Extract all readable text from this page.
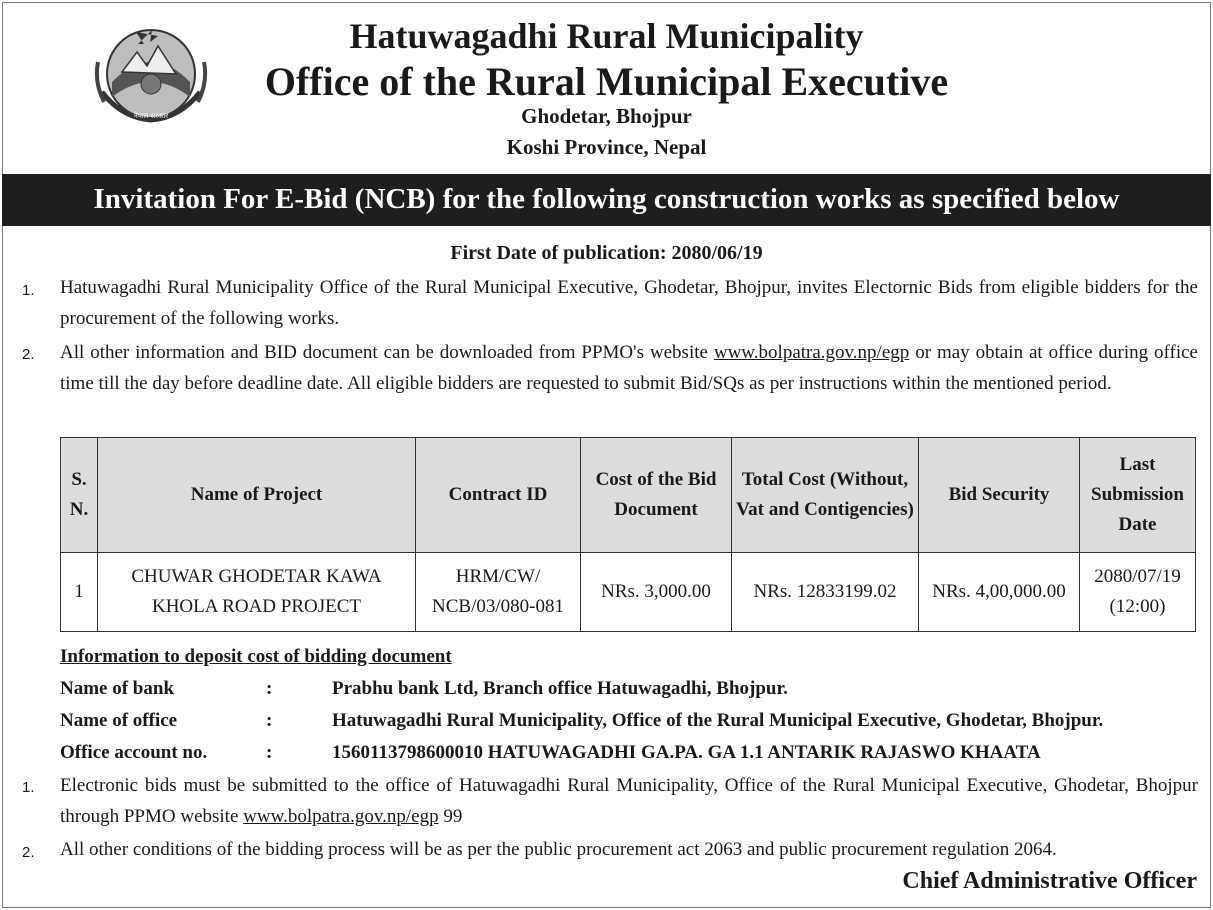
नेपाल सरकार
Hatuwagadhi Rural Municipality
Office of the Rural Municipal Executive
Ghodetar, Bhojpur
Koshi Province, Nepal
Invitation For E-Bid (NCB) for the following construction works as specified below
First Date of publication: 2080/06/19
1. Hatuwagadhi Rural Municipality Office of the Rural Municipal Executive, Ghodetar, Bhojpur, invites Electornic Bids from eligible bidders for the procurement of the following works.
2. All other information and BID document can be downloaded from PPMO's website www.bolpatra.gov.np/egp or may obtain at office during office time till the day before deadline date. All eligible bidders are requested to submit Bid/SQs as per instructions within the mentioned period.
S. N.	Name of Project	Contract ID	Cost of the Bid Document	Total Cost (Without, Vat and Contigencies)	Bid Security	Last Submission Date
1	CHUWAR GHODETAR KAWA KHOLA ROAD PROJECT	HRM/CW/ NCB/03/080-081	NRs. 3,000.00	NRs. 12833199.02	NRs. 4,00,000.00	2080/07/19 (12:00)
Information to deposit cost of bidding document
Name of bank	:	Prabhu bank Ltd, Branch office Hatuwagadhi, Bhojpur.
Name of office	:	Hatuwagadhi Rural Municipality, Office of the Rural Municipal Executive, Ghodetar, Bhojpur.
Office account no.	:	1560113798600010 HATUWAGADHI GA.PA. GA 1.1 ANTARIK RAJASWO KHAATA
1. Electronic bids must be submitted to the office of Hatuwagadhi Rural Municipality, Office of the Rural Municipal Executive, Ghodetar, Bhojpur through PPMO website www.bolpatra.gov.np/egp 99
2. All other conditions of the bidding process will be as per the public procurement act 2063 and public procurement regulation 2064.
Chief Administrative Officer
